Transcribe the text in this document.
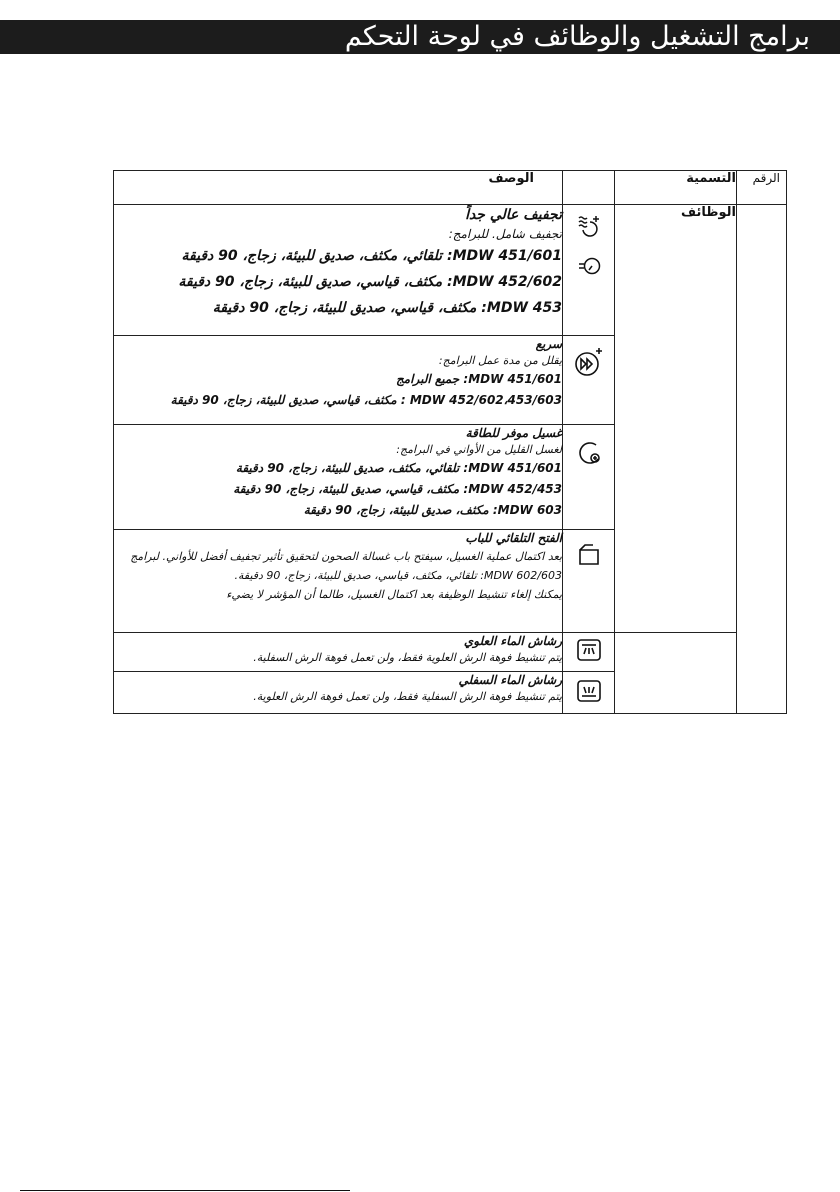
برامج التشغيل والوظائف في لوحة التحكم
الرقم	التسمية		الوصف
	الوظائف		تجفيف عالي جداً
تجفيف شامل. للبرامج:
MDW 451/601: تلقائي، مكثف، صديق للبيئة، زجاج، 90 دقيقة
MDW 452/602: مكثف، قياسي، صديق للبيئة، زجاج، 90 دقيقة
MDW 453: مكثف، قياسي، صديق للبيئة، زجاج، 90 دقيقة

سريع
يقلل من مدة عمل البرامج:
MDW 451/601: جميع البرامج
MDW 452/602،453/603 : مكثف، قياسي، صديق للبيئة، زجاج، 90 دقيقة

غسيل موفر للطاقة
لغسل القليل من الأواني في البرامج:
MDW 451/601: تلقائي، مكثف، صديق للبيئة، زجاج، 90 دقيقة
MDW 452/453: مكثف، قياسي، صديق للبيئة، زجاج، 90 دقيقة
MDW 603: مكثف، صديق للبيئة، زجاج، 90 دقيقة

الفتح التلقائي للباب
بعد اكتمال عملية الغسيل، سيفتح باب غسالة الصحون لتحقيق تأثير تجفيف أفضل للأواني. لبرامج MDW 602/603: تلقائي، مكثف، قياسي، صديق للبيئة، زجاج، 90 دقيقة.
يمكنك إلغاء تنشيط الوظيفة بعد اكتمال الغسيل، طالما أن المؤشر لا يضيء

رشاش الماء العلوي
يتم تنشيط فوهة الرش العلوية فقط، ولن تعمل فوهة الرش السفلية.

رشاش الماء السفلي
يتم تنشيط فوهة الرش السفلية فقط، ولن تعمل فوهة الرش العلوية.
